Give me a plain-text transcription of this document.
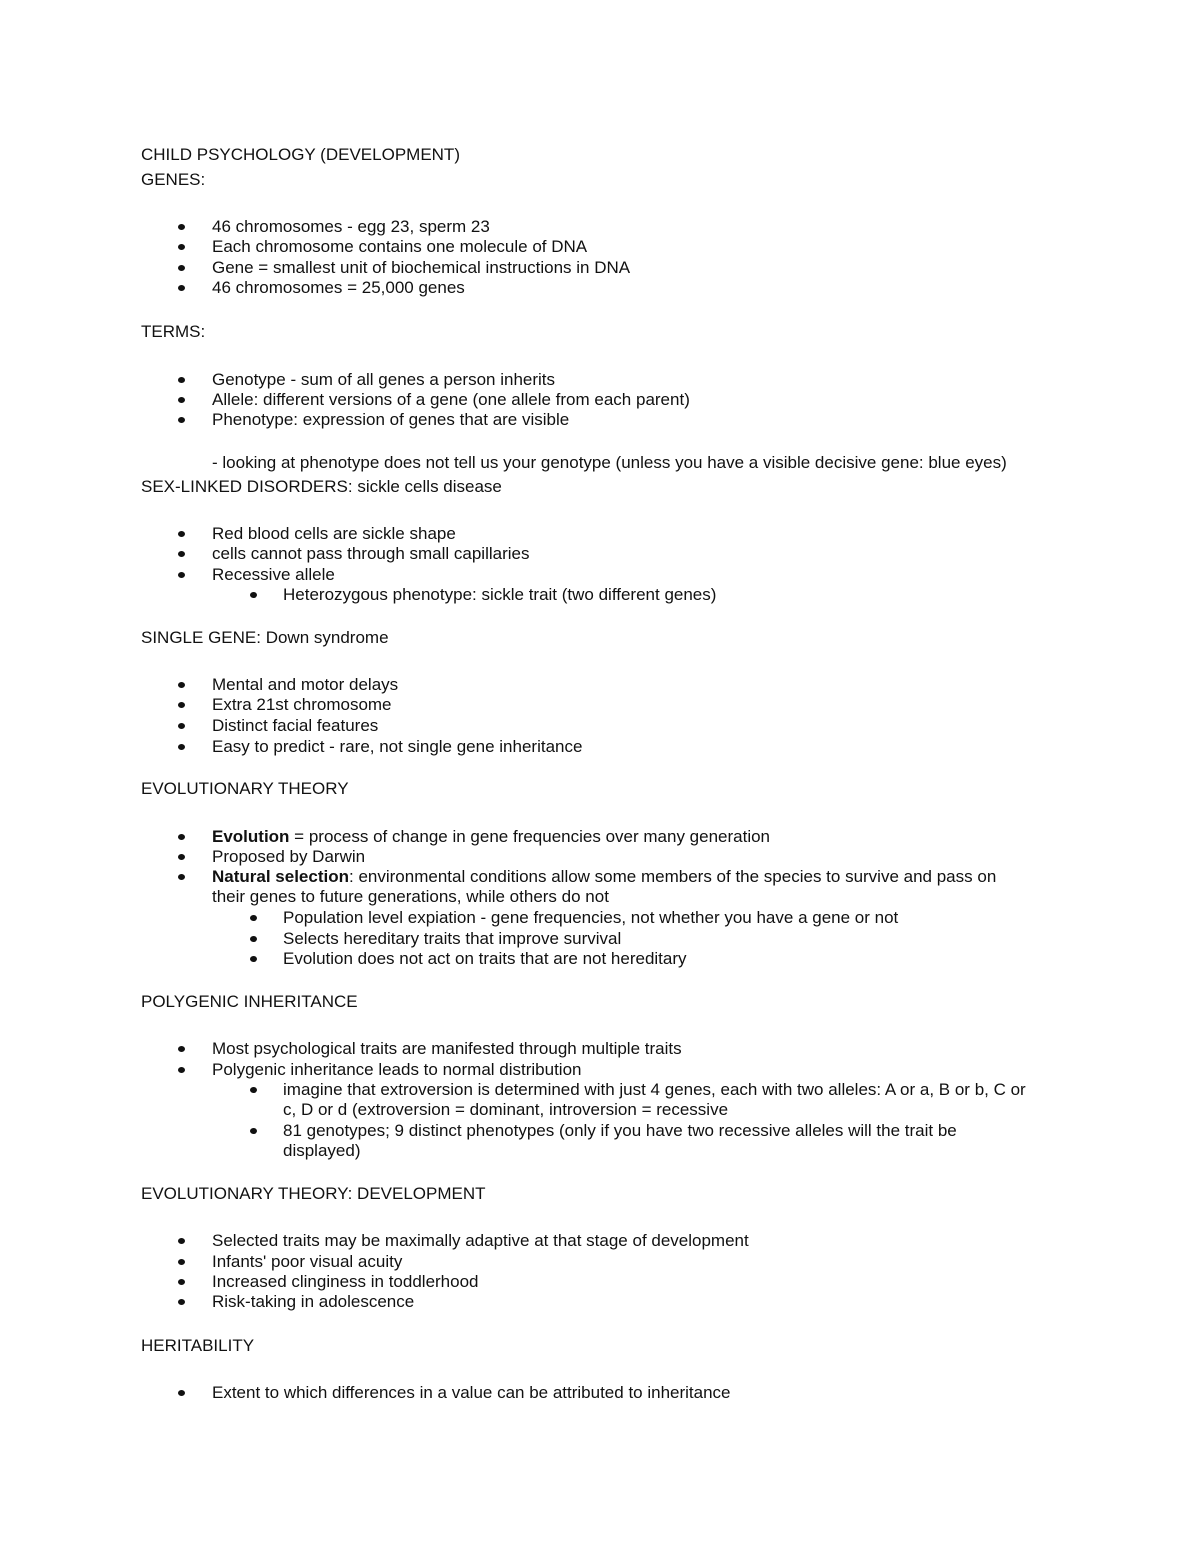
CHILD PSYCHOLOGY (DEVELOPMENT)
GENES:
46 chromosomes - egg 23, sperm 23
Each chromosome contains one molecule of DNA
Gene = smallest unit of biochemical instructions in DNA
46 chromosomes = 25,000 genes
TERMS:
Genotype - sum of all genes a person inherits
Allele: different versions of a gene (one allele from each parent)
Phenotype: expression of genes that are visible
- looking at phenotype does not tell us your genotype (unless you have a visible decisive gene: blue eyes)
SEX-LINKED DISORDERS: sickle cells disease
Red blood cells are sickle shape
cells cannot pass through small capillaries
Recessive allele
Heterozygous phenotype: sickle trait (two different genes)
SINGLE GENE: Down syndrome
Mental and motor delays
Extra 21st chromosome
Distinct facial features
Easy to predict - rare, not single gene inheritance
EVOLUTIONARY THEORY
Evolution = process of change in gene frequencies over many generation
Proposed by Darwin
Natural selection: environmental conditions allow some members of the species to survive and pass on
their genes to future generations, while others do not
Population level expiation - gene frequencies, not whether you have a gene or not
Selects hereditary traits that improve survival
Evolution does not act on traits that are not hereditary
POLYGENIC INHERITANCE
Most psychological traits are manifested through multiple traits
Polygenic inheritance leads to normal distribution
imagine that extroversion is determined with just 4 genes, each with two alleles: A or a, B or b, C or
c, D or d (extroversion = dominant, introversion = recessive
81 genotypes; 9 distinct phenotypes (only if you have two recessive alleles will the trait be
displayed)
EVOLUTIONARY THEORY: DEVELOPMENT
Selected traits may be maximally adaptive at that stage of development
Infants' poor visual acuity
Increased clinginess in toddlerhood
Risk-taking in adolescence
HERITABILITY
Extent to which differences in a value can be attributed to inheritance
